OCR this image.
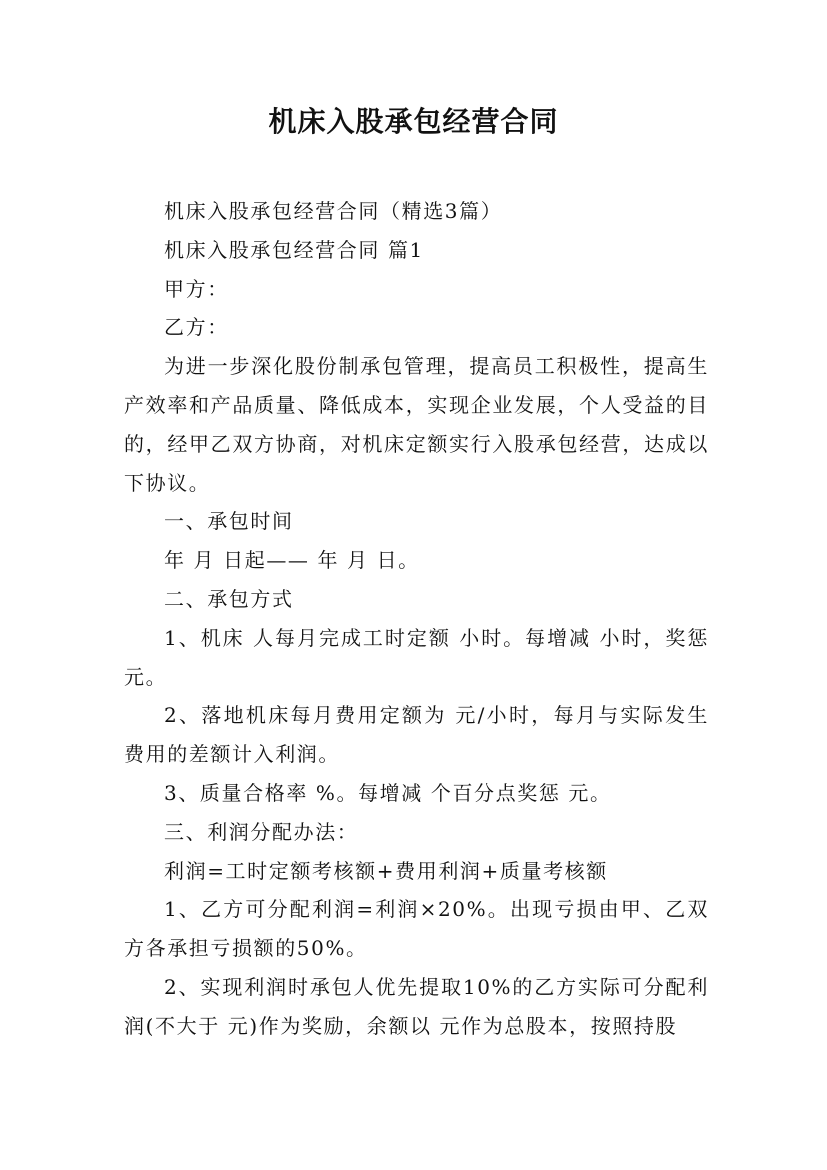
机床入股承包经营合同

机床入股承包经营合同（精选3篇）

机床入股承包经营合同 篇1

甲方：

乙方：

为进一步深化股份制承包管理，提高员工积极性，提高生产效率和产品质量、降低成本，实现企业发展，个人受益的目的，经甲乙双方协商，对机床定额实行入股承包经营，达成以下协议。

一、承包时间

年 月 日起—— 年 月 日。

二、承包方式

1、机床 人每月完成工时定额 小时。每增减 小时，奖惩 元。

2、落地机床每月费用定额为 元/小时，每月与实际发生费用的差额计入利润。

3、质量合格率 %。每增减 个百分点奖惩 元。

三、利润分配办法：

利润=工时定额考核额+费用利润+质量考核额

1、乙方可分配利润=利润×20%。出现亏损由甲、乙双方各承担亏损额的50%。

2、实现利润时承包人优先提取10%的乙方实际可分配利润(不大于 元)作为奖励，余额以 元作为总股本，按照持股
